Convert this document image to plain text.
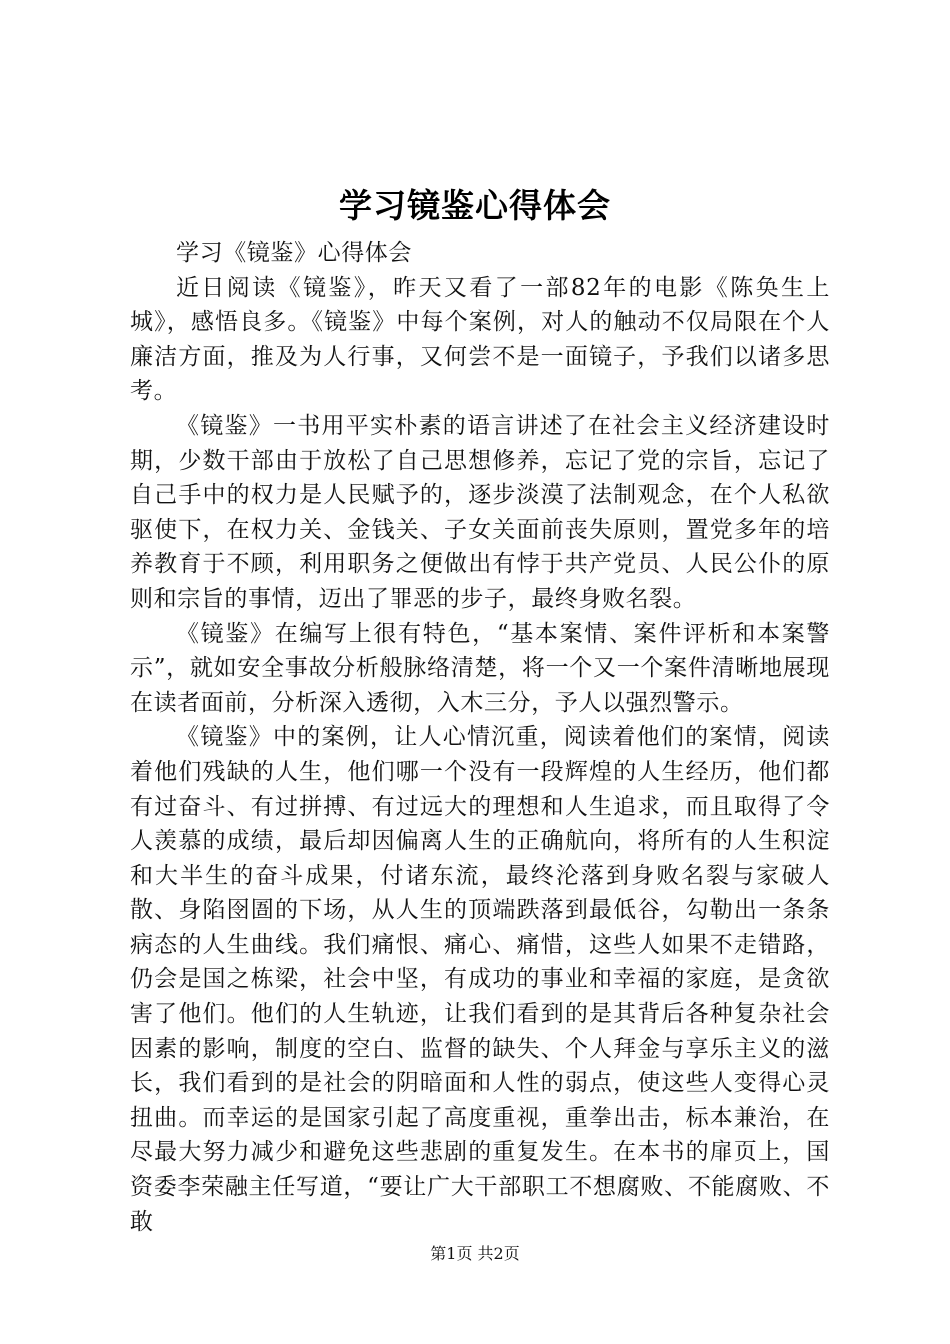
学习镜鉴心得体会

学习《镜鉴》心得体会

近日阅读《镜鉴》，昨天又看了一部82年的电影《陈奂生上城》，感悟良多。《镜鉴》中每个案例，对人的触动不仅局限在个人廉洁方面，推及为人行事，又何尝不是一面镜子，予我们以诸多思考。

《镜鉴》一书用平实朴素的语言讲述了在社会主义经济建设时期，少数干部由于放松了自己思想修养，忘记了党的宗旨，忘记了自己手中的权力是人民赋予的，逐步淡漠了法制观念，在个人私欲驱使下，在权力关、金钱关、子女关面前丧失原则，置党多年的培养教育于不顾，利用职务之便做出有悖于共产党员、人民公仆的原则和宗旨的事情，迈出了罪恶的步子，最终身败名裂。

《镜鉴》在编写上很有特色，“基本案情、案件评析和本案警示”，就如安全事故分析般脉络清楚，将一个又一个案件清晰地展现在读者面前，分析深入透彻，入木三分，予人以强烈警示。

《镜鉴》中的案例，让人心情沉重，阅读着他们的案情，阅读着他们残缺的人生，他们哪一个没有一段辉煌的人生经历，他们都有过奋斗、有过拼搏、有过远大的理想和人生追求，而且取得了令人羡慕的成绩，最后却因偏离人生的正确航向，将所有的人生积淀和大半生的奋斗成果，付诸东流，最终沦落到身败名裂与家破人散、身陷囹圄的下场，从人生的顶端跌落到最低谷，勾勒出一条条病态的人生曲线。我们痛恨、痛心、痛惜，这些人如果不走错路，仍会是国之栋梁，社会中坚，有成功的事业和幸福的家庭，是贪欲害了他们。他们的人生轨迹，让我们看到的是其背后各种复杂社会因素的影响，制度的空白、监督的缺失、个人拜金与享乐主义的滋长，我们看到的是社会的阴暗面和人性的弱点，使这些人变得心灵扭曲。而幸运的是国家引起了高度重视，重拳出击，标本兼治，在尽最大努力减少和避免这些悲剧的重复发生。在本书的扉页上，国资委李荣融主任写道，“要让广大干部职工不想腐败、不能腐败、不敢

第1页 共2页
